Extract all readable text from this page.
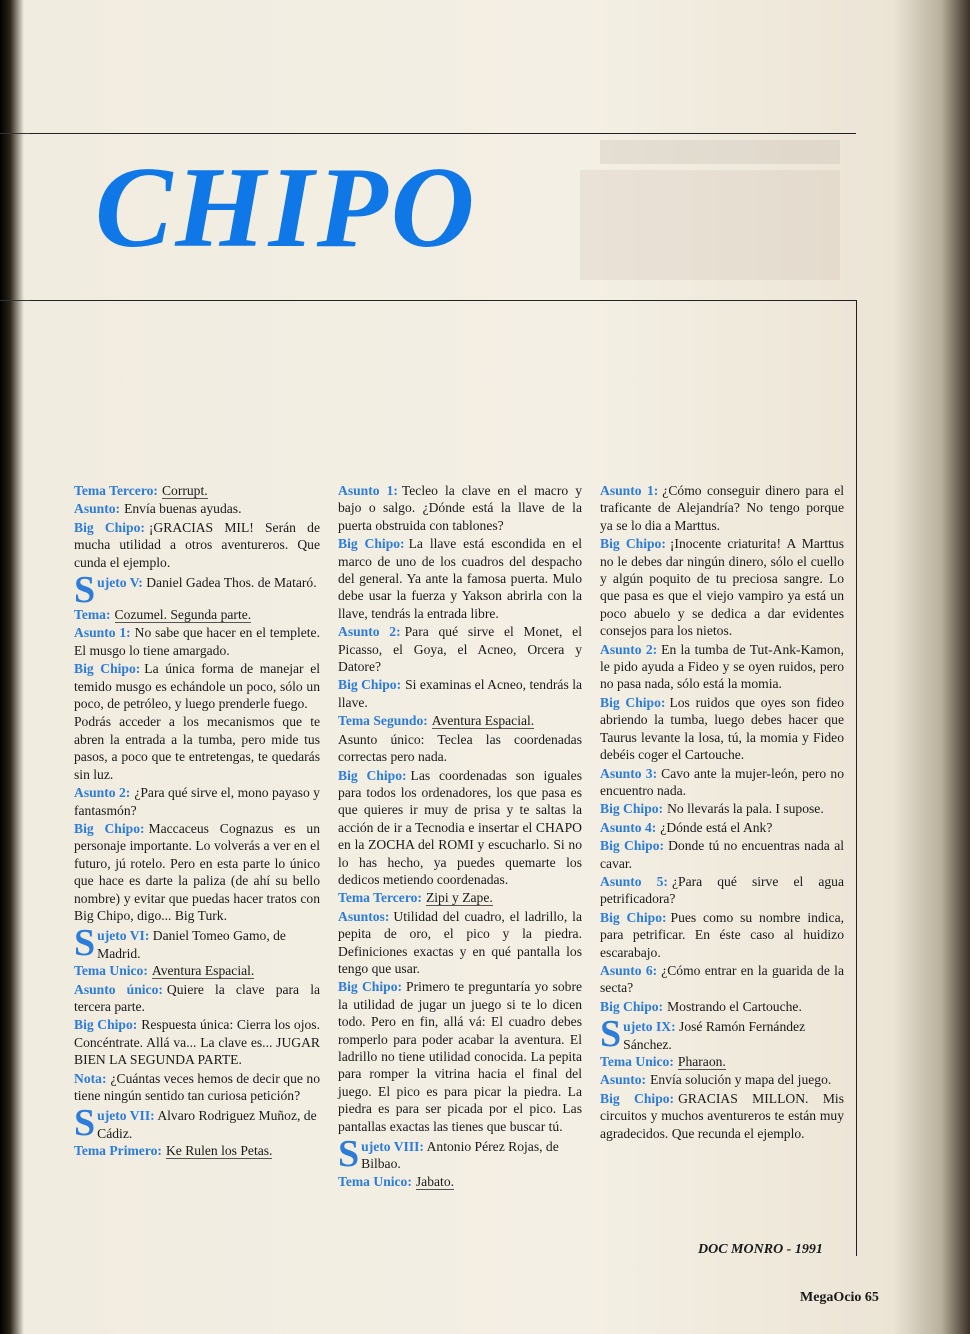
CHIPO

Tema Tercero: Corrupt.

Asunto: Envía buenas ayudas.

Big Chipo: ¡GRACIAS MIL! Serán de mucha utilidad a otros aventureros. Que cunda el ejemplo.

S ujeto V: Daniel Gadea Thos. de Mataró.

Tema: Cozumel. Segunda parte.

Asunto 1: No sabe que hacer en el templete. El musgo lo tiene amargado.

Big Chipo: La única forma de manejar el temido musgo es echándole un poco, sólo un poco, de petróleo, y luego prenderle fuego.

Podrás acceder a los mecanismos que te abren la entrada a la tumba, pero mide tus pasos, a poco que te entretengas, te quedarás sin luz.

Asunto 2: ¿Para qué sirve el, mono payaso y fantasmón?

Big Chipo: Maccaceus Cognazus es un personaje importante. Lo volverás a ver en el futuro, jú rotelo. Pero en esta parte lo único que hace es darte la paliza (de ahí su bello nombre) y evitar que puedas hacer tratos con Big Chipo, digo... Big Turk.

S ujeto VI: Daniel Tomeo Gamo, de Madrid.

Tema Unico: Aventura Espacial.

Asunto único: Quiere la clave para la tercera parte.

Big Chipo: Respuesta única: Cierra los ojos. Concéntrate. Allá va... La clave es... JUGAR BIEN LA SEGUNDA PARTE.

Nota: ¿Cuántas veces hemos de decir que no tiene ningún sentido tan curiosa petición?

S ujeto VII: Alvaro Rodriguez Muñoz, de Cádiz.

Tema Primero: Ke Rulen los Petas.

Asunto 1: Tecleo la clave en el macro y bajo o salgo. ¿Dónde está la llave de la puerta obstruida con tablones?

Big Chipo: La llave está escondida en el marco de uno de los cuadros del despacho del general. Ya ante la famosa puerta. Mulo debe usar la fuerza y Yakson abrirla con la llave, tendrás la entrada libre.

Asunto 2: Para qué sirve el Monet, el Picasso, el Goya, el Acneo, Orcera y Datore?

Big Chipo: Si examinas el Acneo, tendrás la llave.

Tema Segundo: Aventura Espacial.

Asunto único: Teclea las coordenadas correctas pero nada.

Big Chipo: Las coordenadas son iguales para todos los ordenadores, los que pasa es que quieres ir muy de prisa y te saltas la acción de ir a Tecnodia e insertar el CHAPO en la ZOCHA del ROMI y escucharlo. Si no lo has hecho, ya puedes quemarte los dedicos metiendo coordenadas.

Tema Tercero: Zipi y Zape.

Asuntos: Utilidad del cuadro, el ladrillo, la pepita de oro, el pico y la piedra. Definiciones exactas y en qué pantalla los tengo que usar.

Big Chipo: Primero te preguntaría yo sobre la utilidad de jugar un juego si te lo dicen todo. Pero en fin, allá vá: El cuadro debes romperlo para poder acabar la aventura. El ladrillo no tiene utilidad conocida. La pepita para romper la vitrina hacia el final del juego. El pico es para picar la piedra. La piedra es para ser picada por el pico. Las pantallas exactas las tienes que buscar tú.

S ujeto VIII: Antonio Pérez Rojas, de Bilbao.

Tema Unico: Jabato.

Asunto 1: ¿Cómo conseguir dinero para el traficante de Alejandría? No tengo porque ya se lo dia a Marttus.

Big Chipo: ¡Inocente criaturita! A Marttus no le debes dar ningún dinero, sólo el cuello y algún poquito de tu preciosa sangre. Lo que pasa es que el viejo vampiro ya está un poco abuelo y se dedica a dar evidentes consejos para los nietos.

Asunto 2: En la tumba de Tut-Ank-Kamon, le pido ayuda a Fideo y se oyen ruidos, pero no pasa nada, sólo está la momia.

Big Chipo: Los ruidos que oyes son fideo abriendo la tumba, luego debes hacer que Taurus levante la losa, tú, la momia y Fideo debéis coger el Cartouche.

Asunto 3: Cavo ante la mujer-león, pero no encuentro nada.

Big Chipo: No llevarás la pala. I supose.

Asunto 4: ¿Dónde está el Ank?

Big Chipo: Donde tú no encuentras nada al cavar.

Asunto 5: ¿Para qué sirve el agua petrificadora?

Big Chipo: Pues como su nombre indica, para petrificar. En éste caso al huidizo escarabajo.

Asunto 6: ¿Cómo entrar en la guarida de la secta?

Big Chipo: Mostrando el Cartouche.

S ujeto IX: José Ramón Fernández Sánchez.

Tema Unico: Pharaon.

Asunto: Envía solución y mapa del juego.

Big Chipo: GRACIAS MILLON. Mis circuitos y muchos aventureros te están muy agradecidos. Que recunda el ejemplo.

DOC MONRO - 1991
MegaOcio 65
